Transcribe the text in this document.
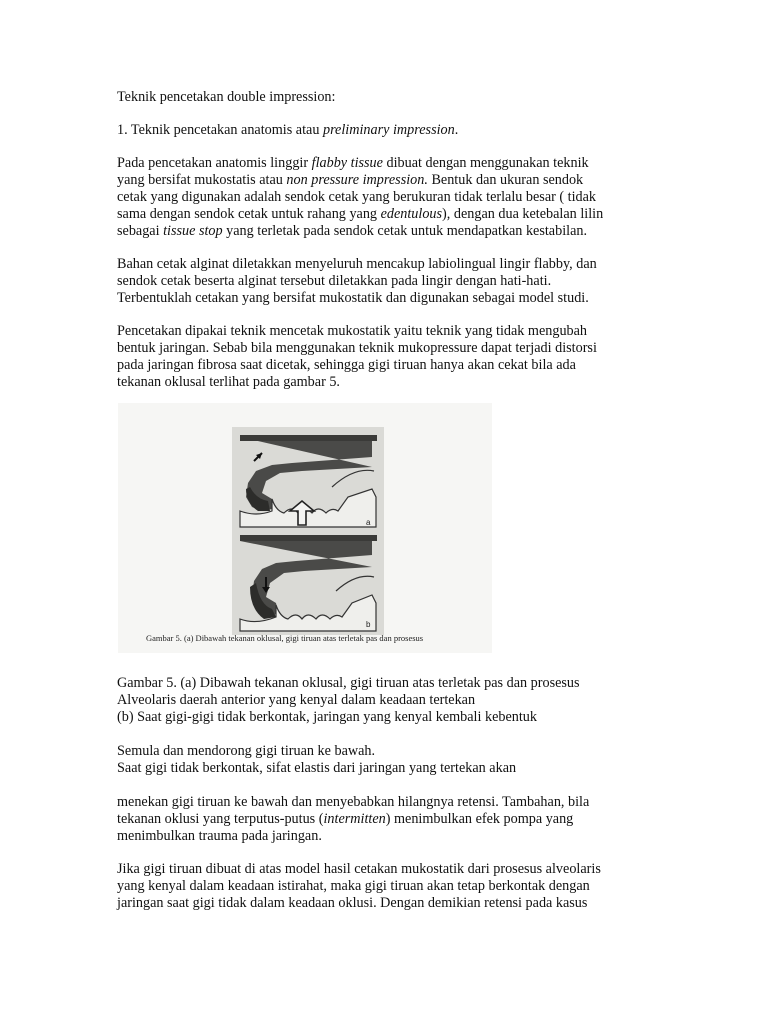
Teknik pencetakan double impression:

1. Teknik pencetakan anatomis atau preliminary impression.

Pada pencetakan anatomis linggir flabby tissue dibuat dengan menggunakan teknik
yang bersifat mukostatis atau non pressure impression. Bentuk dan ukuran sendok
cetak yang digunakan adalah sendok cetak yang berukuran tidak terlalu besar ( tidak
sama dengan sendok cetak untuk rahang yang edentulous), dengan dua ketebalan lilin
sebagai tissue stop yang terletak pada sendok cetak untuk mendapatkan kestabilan.

Bahan cetak alginat diletakkan menyeluruh mencakup labiolingual lingir flabby, dan
sendok cetak beserta alginat tersebut diletakkan pada lingir dengan hati-hati.
Terbentuklah cetakan yang bersifat mukostatik dan digunakan sebagai model studi.

Pencetakan dipakai teknik mencetak mukostatik yaitu teknik yang tidak mengubah
bentuk jaringan. Sebab bila menggunakan teknik mukopressure dapat terjadi distorsi
pada jaringan fibrosa saat dicetak, sehingga gigi tiruan hanya akan cekat bila ada
tekanan oklusal terlihat pada gambar 5.

a
b
Gambar 5. (a) Dibawah tekanan oklusal, gigi tiruan atas terletak pas dan prosesus

Gambar 5. (a) Dibawah tekanan oklusal, gigi tiruan atas terletak pas dan prosesus
Alveolaris daerah anterior yang kenyal dalam keadaan tertekan
(b) Saat gigi-gigi tidak berkontak, jaringan yang kenyal kembali kebentuk

Semula dan mendorong gigi tiruan ke bawah.
Saat gigi tidak berkontak, sifat elastis dari jaringan yang tertekan akan

menekan gigi tiruan ke bawah dan menyebabkan hilangnya retensi. Tambahan, bila
tekanan oklusi yang terputus-putus (intermitten) menimbulkan efek pompa yang
menimbulkan trauma pada jaringan.

Jika gigi tiruan dibuat di atas model hasil cetakan mukostatik dari prosesus alveolaris
yang kenyal dalam keadaan istirahat, maka gigi tiruan akan tetap berkontak dengan
jaringan saat gigi tidak dalam keadaan oklusi. Dengan demikian retensi pada kasus
